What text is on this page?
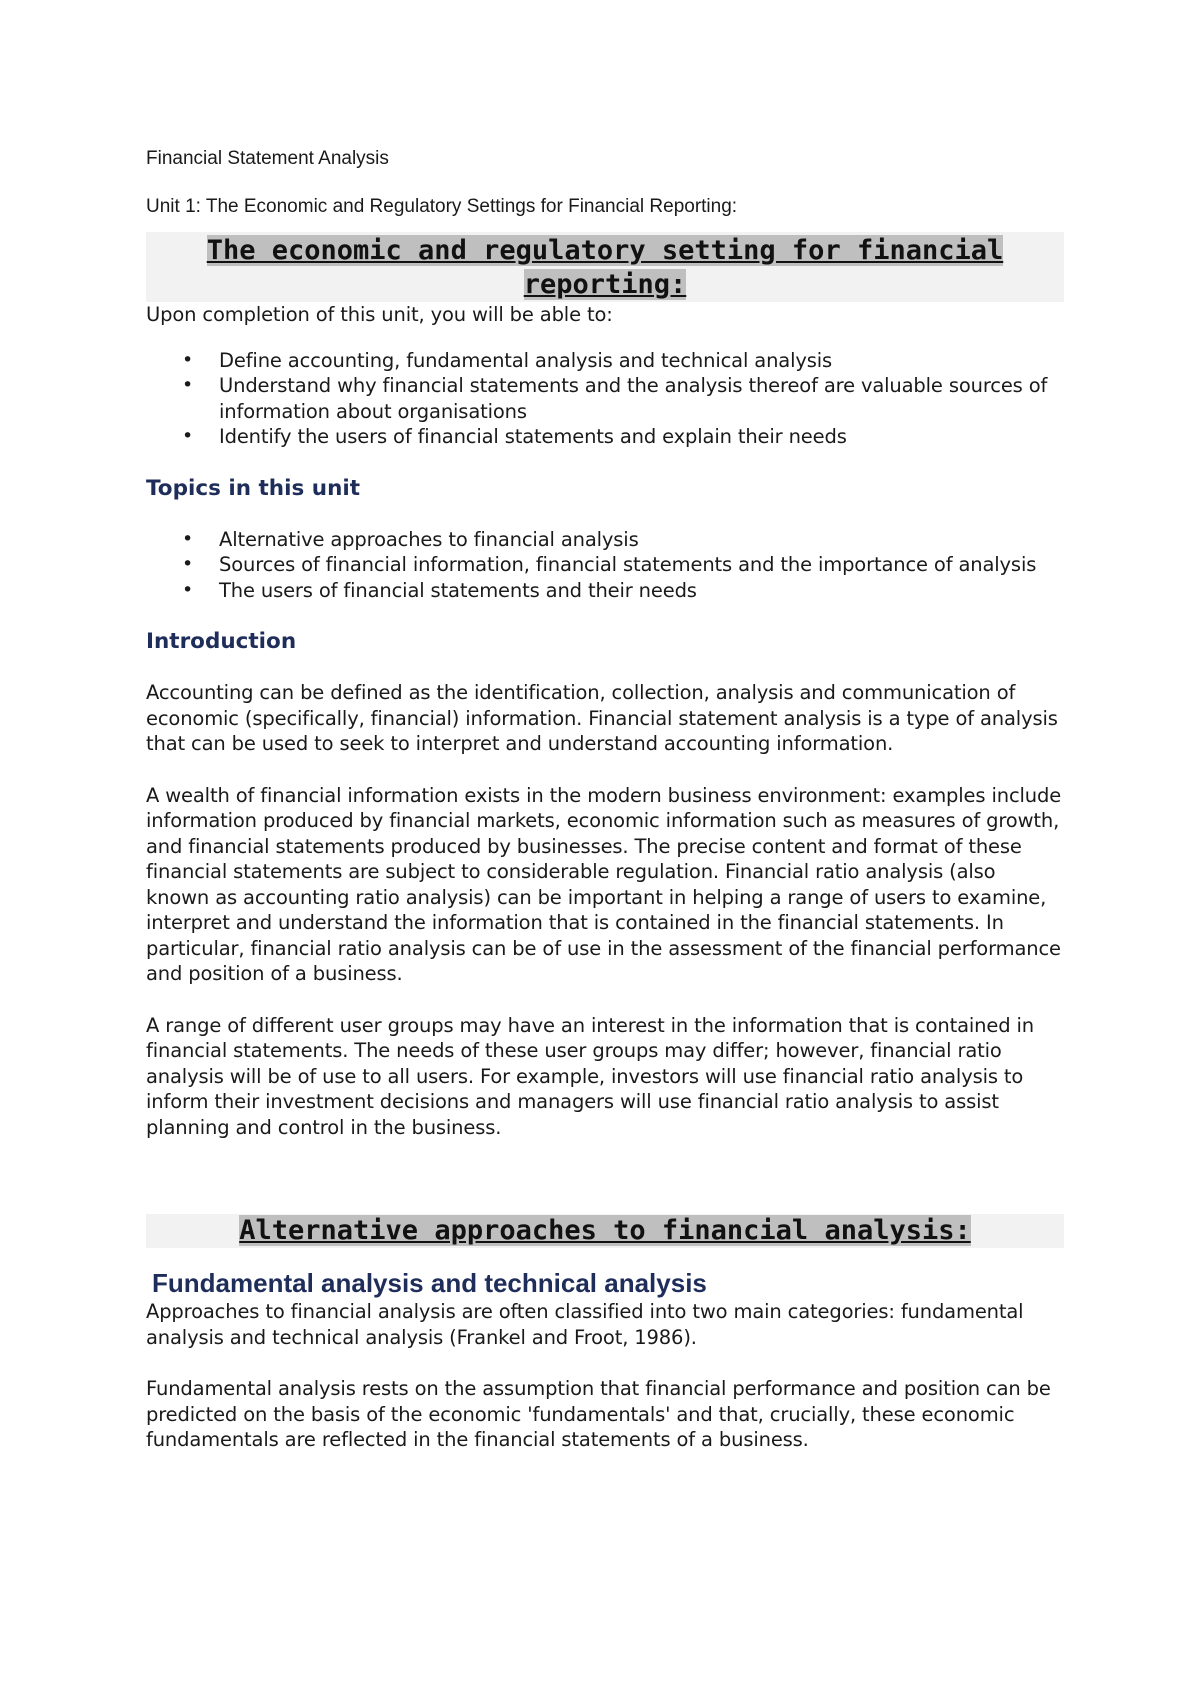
Financial Statement Analysis

Unit 1: The Economic and Regulatory Settings for Financial Reporting:

The economic and regulatory setting for financial reporting:

Upon completion of this unit, you will be able to:

• Define accounting, fundamental analysis and technical analysis
• Understand why financial statements and the analysis thereof are valuable sources of information about organisations
• Identify the users of financial statements and explain their needs
Topics in this unit
• Alternative approaches to financial analysis
• Sources of financial information, financial statements and the importance of analysis
• The users of financial statements and their needs
Introduction

Accounting can be defined as the identification, collection, analysis and communication of economic (specifically, financial) information. Financial statement analysis is a type of analysis that can be used to seek to interpret and understand accounting information.

A wealth of financial information exists in the modern business environment: examples include information produced by financial markets, economic information such as measures of growth, and financial statements produced by businesses. The precise content and format of these financial statements are subject to considerable regulation. Financial ratio analysis (also known as accounting ratio analysis) can be important in helping a range of users to examine, interpret and understand the information that is contained in the financial statements. In particular, financial ratio analysis can be of use in the assessment of the financial performance and position of a business.

A range of different user groups may have an interest in the information that is contained in financial statements. The needs of these user groups may differ; however, financial ratio analysis will be of use to all users. For example, investors will use financial ratio analysis to inform their investment decisions and managers will use financial ratio analysis to assist planning and control in the business.

Alternative approaches to financial analysis:
Fundamental analysis and technical analysis

Approaches to financial analysis are often classified into two main categories: fundamental analysis and technical analysis (Frankel and Froot, 1986).

Fundamental analysis rests on the assumption that financial performance and position can be predicted on the basis of the economic 'fundamentals' and that, crucially, these economic fundamentals are reflected in the financial statements of a business.
